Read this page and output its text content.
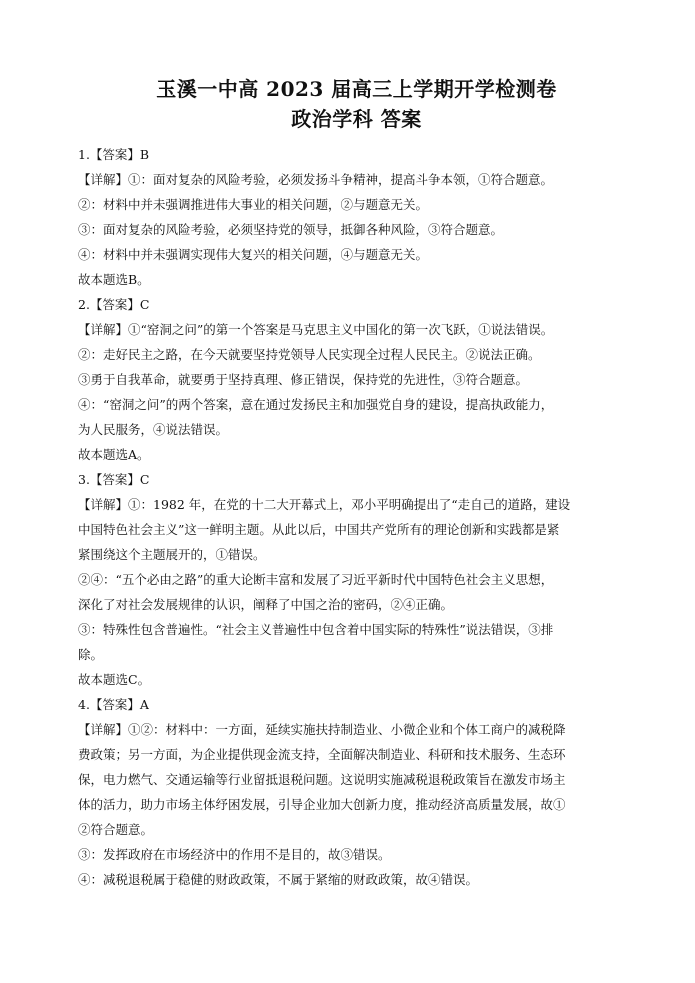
玉溪一中高 2023 届高三上学期开学检测卷
政治学科 答案

1.【答案】B

【详解】①：面对复杂的风险考验，必须发扬斗争精神，提高斗争本领，①符合题意。

②：材料中并未强调推进伟大事业的相关问题，②与题意无关。

③：面对复杂的风险考验，必须坚持党的领导，抵御各种风险，③符合题意。

④：材料中并未强调实现伟大复兴的相关问题，④与题意无关。

故本题选B。

2.【答案】C

【详解】①“窑洞之问”的第一个答案是马克思主义中国化的第一次飞跃，①说法错误。

②：走好民主之路，在今天就要坚持党领导人民实现全过程人民民主。②说法正确。

③勇于自我革命，就要勇于坚持真理、修正错误，保持党的先进性，③符合题意。

④：“窑洞之问”的两个答案，意在通过发扬民主和加强党自身的建设，提高执政能力，

为人民服务，④说法错误。

故本题选A。

3.【答案】C

【详解】①：1982 年，在党的十二大开幕式上，邓小平明确提出了“走自己的道路，建设

中国特色社会主义”这一鲜明主题。从此以后，中国共产党所有的理论创新和实践都是紧

紧围绕这个主题展开的，①错误。

②④：“五个必由之路”的重大论断丰富和发展了习近平新时代中国特色社会主义思想，

深化了对社会发展规律的认识，阐释了中国之治的密码，②④正确。

③：特殊性包含普遍性。“社会主义普遍性中包含着中国实际的特殊性”说法错误，③排

除。

故本题选C。

4.【答案】A

【详解】①②：材料中：一方面，延续实施扶持制造业、小微企业和个体工商户的减税降

费政策；另一方面，为企业提供现金流支持，全面解决制造业、科研和技术服务、生态环

保，电力燃气、交通运输等行业留抵退税问题。这说明实施减税退税政策旨在激发市场主

体的活力，助力市场主体纾困发展，引导企业加大创新力度，推动经济高质量发展，故①

②符合题意。

③：发挥政府在市场经济中的作用不是目的，故③错误。

④：减税退税属于稳健的财政政策，不属于紧缩的财政政策，故④错误。
